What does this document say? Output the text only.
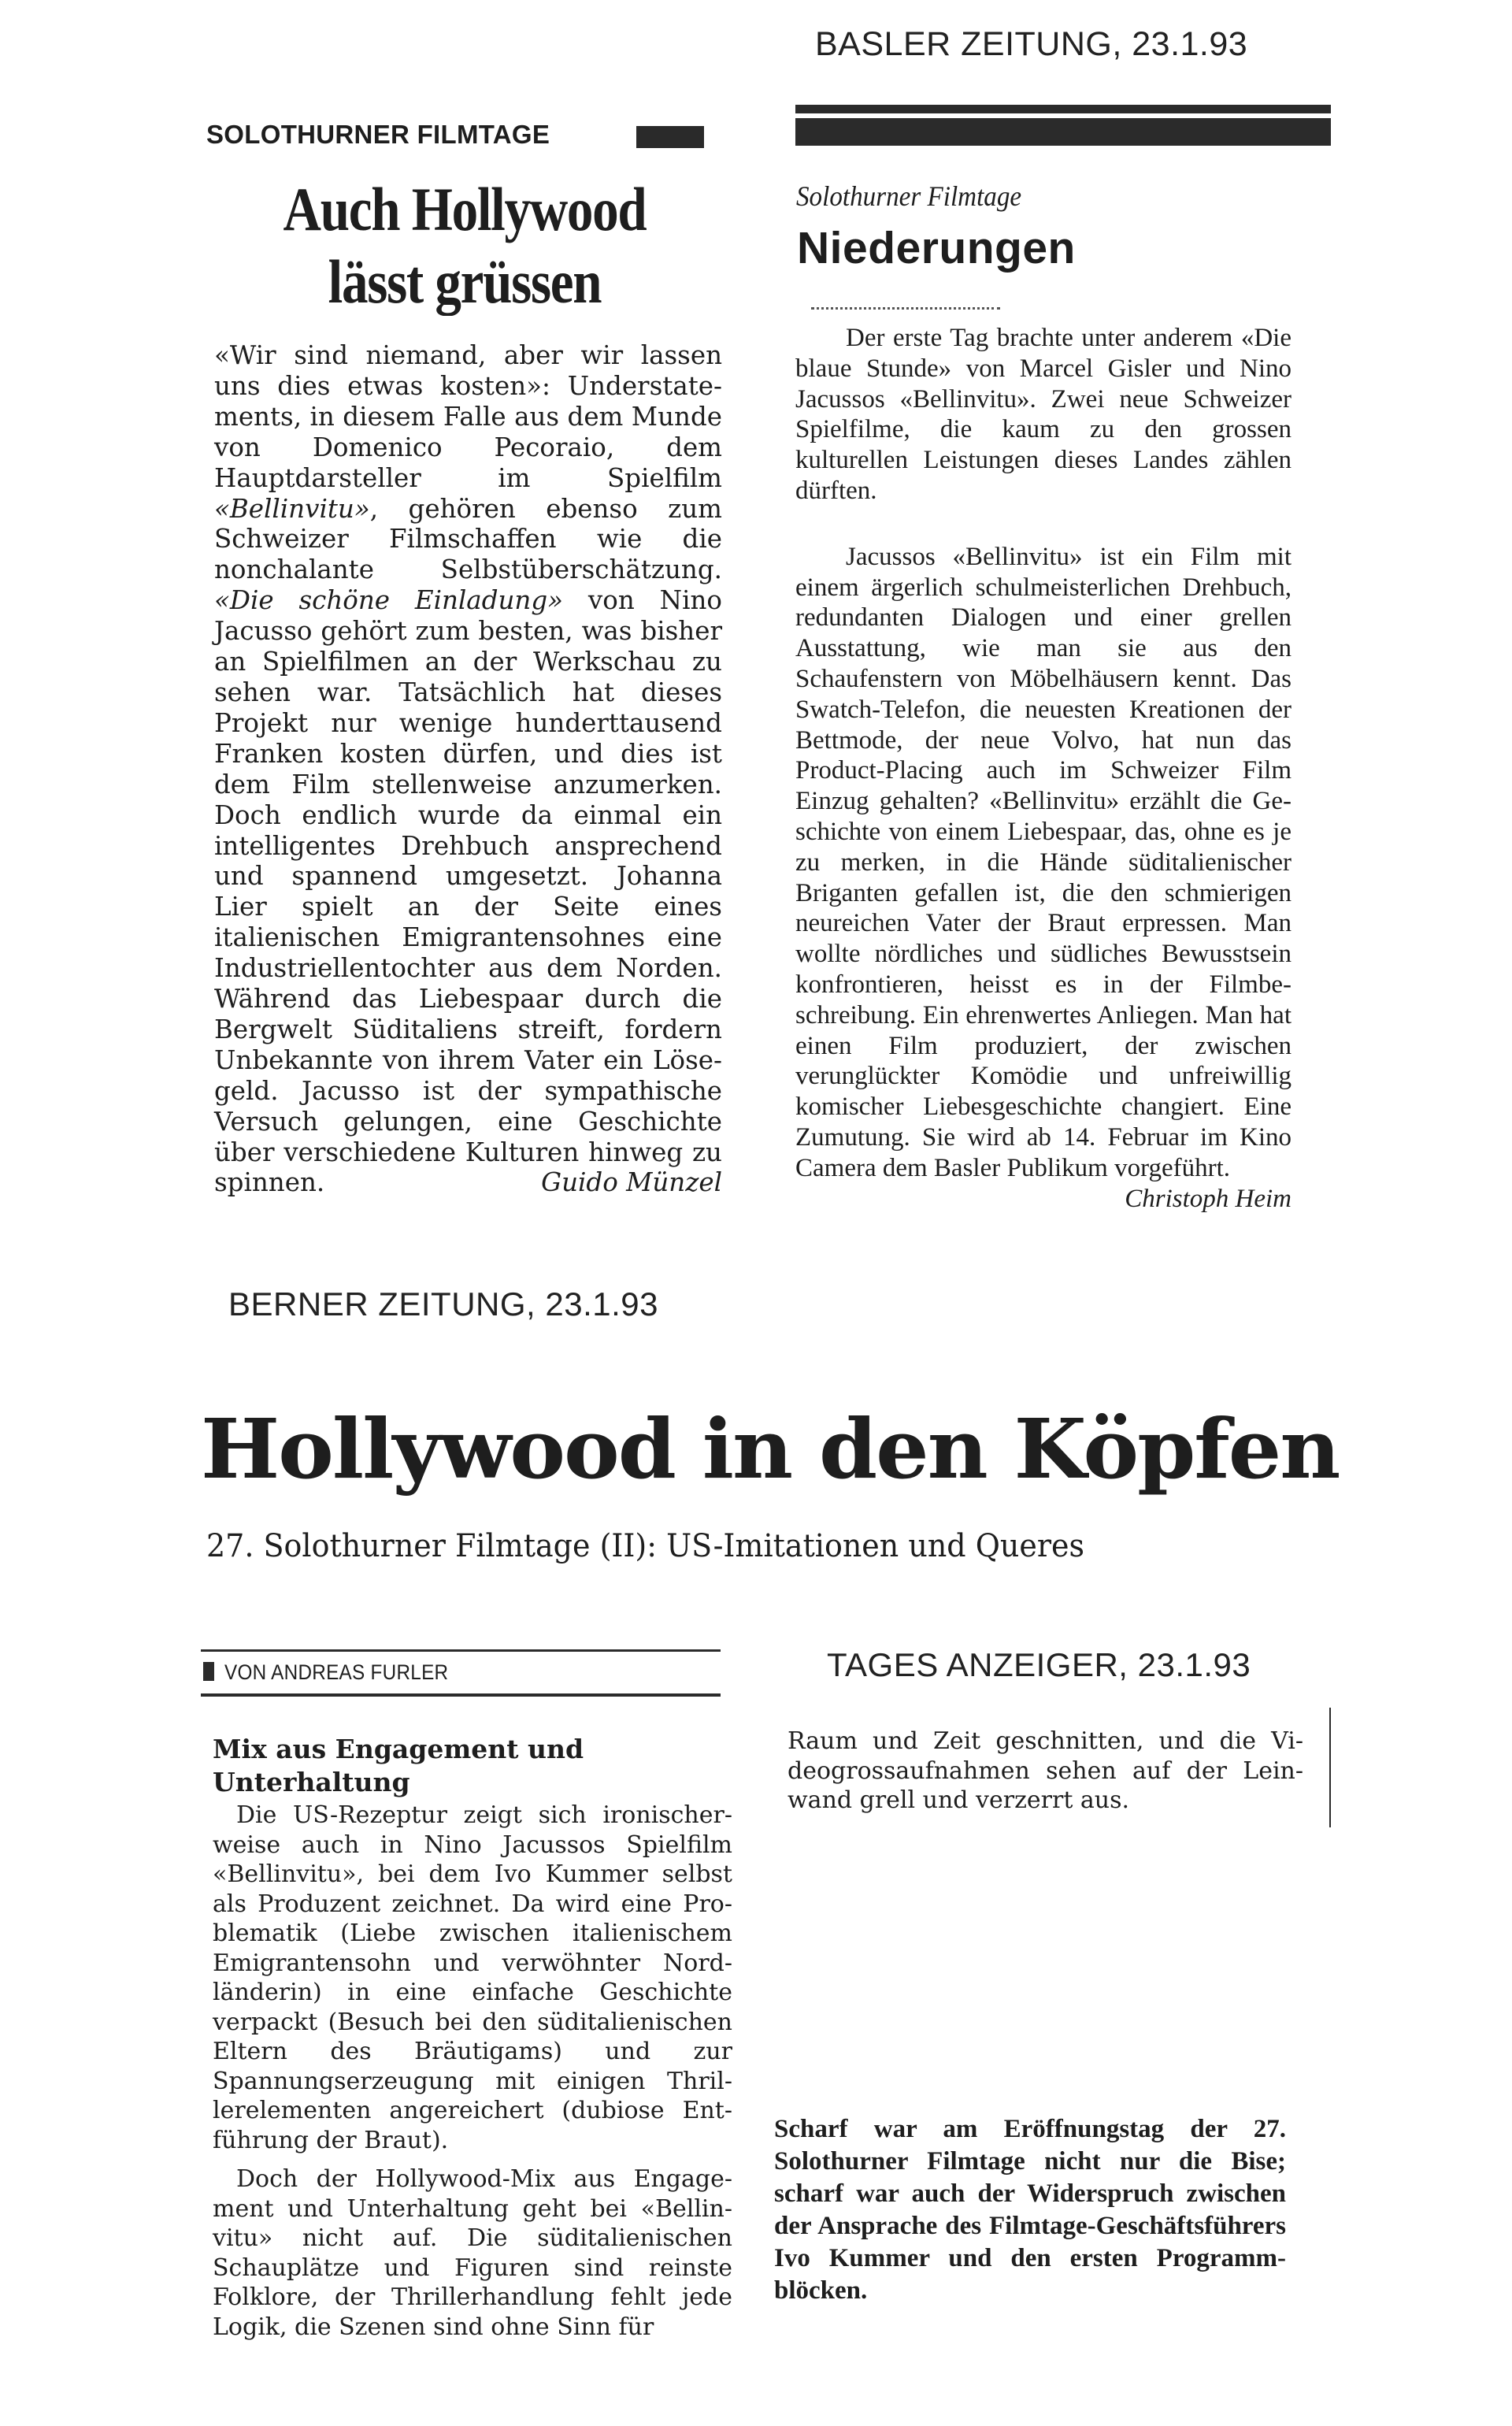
SOLOTHURNER FILMTAGE
Auch Hollywood
lässt grüssen
«Wir sind niemand, aber wir lassen uns dies etwas kosten»: Understatements, in diesem Falle aus dem Munde von Domenico Pecoraio, dem Hauptdarsteller im Spielfilm «Bellinvitu», gehören ebenso zum Schweizer Filmschaffen wie die nonchalante Selbstüberschätzung. «Die schöne Einladung» von Nino Jacusso gehört zum besten, was bisher an Spielfilmen an der Werkschau zu sehen war. Tatsächlich hat dieses Projekt nur wenige hunderttausend Franken kosten dürfen, und dies ist dem Film stellenweise anzumerken. Doch endlich wurde da einmal ein intelligentes Drehbuch ansprechend und spannend umgesetzt. Johanna Lier spielt an der Seite eines italienischen Emigrantensohnes eine Industriellentochter aus dem Norden. Während das Liebespaar durch die Bergwelt Süditaliens streift, fordern Unbekannte von ihrem Vater ein Lösegeld. Jacusso ist der sympathische Versuch gelungen, eine Geschichte über verschiedene Kulturen hinweg zu spinnen.	Guido Münzel
BERNER ZEITUNG, 23.1.93
BASLER ZEITUNG, 23.1.93
Solothurner Filmtage
Niederungen

Der erste Tag brachte unter anderem «Die blaue Stunde» von Marcel Gisler und Nino Jacussos «Bellinvitu». Zwei neue Schweizer Spielfilme, die kaum zu den grossen kulturellen Leistungen dieses Landes zählen dürften.

Jacussos «Bellinvitu» ist ein Film mit einem ärgerlich schulmeisterlichen Drehbuch, redundanten Dialogen und einer grellen Ausstattung, wie man sie aus den Schaufenstern von Möbelhäusern kennt. Das Swatch-Telefon, die neuesten Kreationen der Bettmode, der neue Volvo, hat nun das Product-Placing auch im Schweizer Film Einzug gehalten? «Bellinvitu» erzählt die Geschichte von einem Liebespaar, das, ohne es je zu merken, in die Hände süditalienischer Briganten gefallen ist, die den schmierigen neureichen Vater der Braut erpressen. Man wollte nördliches und südliches Bewusstsein konfrontieren, heisst es in der Filmbeschreibung. Ein ehrenwertes Anliegen. Man hat einen Film produziert, der zwischen verunglückter Komödie und unfreiwillig komischer Liebesgeschichte changiert. Eine Zumutung. Sie wird ab 14. Februar im Kino Camera dem Basler Publikum vorgeführt.

Christoph Heim
Hollywood in den Köpfen
27. Solothurner Filmtage (II): US-Imitationen und Queres
VON ANDREAS FURLER	TAGES ANZEIGER, 23.1.93
Mix aus Engagement und Unterhaltung

Die US-Rezeptur zeigt sich ironischerweise auch in Nino Jacussos Spielfilm «Bellinvitu», bei dem Ivo Kummer selbst als Produzent zeichnet. Da wird eine Problematik (Liebe zwischen italienischem Emigrantensohn und verwöhnter Nordländerin) in eine einfache Geschichte verpackt (Besuch bei den süditalienischen Eltern des Bräutigams) und zur Spannungserzeugung mit einigen Thrillerelementen angereichert (dubiose Entführung der Braut).

Doch der Hollywood-Mix aus Engagement und Unterhaltung geht bei «Bellinvitu» nicht auf. Die süditalienischen Schauplätze und Figuren sind reinste Folklore, der Thrillerhandlung fehlt jede Logik, die Szenen sind ohne Sinn für

Raum und Zeit geschnitten, und die Videogrossaufnahmen sehen auf der Leinwand grell und verzerrt aus.
Scharf war am Eröffnungstag der 27. Solothurner Filmtage nicht nur die Bise; scharf war auch der Widerspruch zwischen der Ansprache des Filmtage-Geschäftsführers Ivo Kummer und den ersten Programmblöcken.
